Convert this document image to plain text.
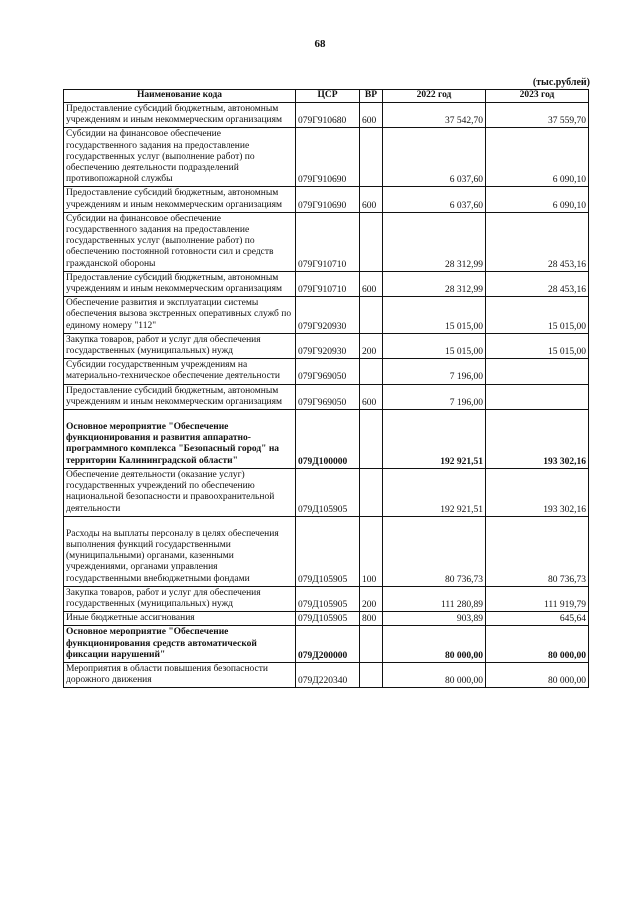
68
(тыс.рублей)
Наименование кода	ЦСР	ВР	2022 год	2023 год
Предоставление субсидий бюджетным, автономным учреждениям и иным некоммерческим организациям	079Г910680	600	37 542,70	37 559,70
Субсидии на финансовое обеспечение государственного задания на предоставление государственных услуг (выполнение работ) по обеспечению деятельности подразделений противопожарной службы	079Г910690		6 037,60	6 090,10
Предоставление субсидий бюджетным, автономным учреждениям и иным некоммерческим организациям	079Г910690	600	6 037,60	6 090,10
Субсидии на финансовое обеспечение государственного задания на предоставление государственных услуг (выполнение работ) по обеспечению постоянной готовности сил и средств гражданской обороны	079Г910710		28 312,99	28 453,16
Предоставление субсидий бюджетным, автономным учреждениям и иным некоммерческим организациям	079Г910710	600	28 312,99	28 453,16
Обеспечение развития и эксплуатации системы обеспечения вызова экстренных оперативных служб по единому номеру "112"	079Г920930		15 015,00	15 015,00
Закупка товаров, работ и услуг для обеспечения государственных (муниципальных) нужд	079Г920930	200	15 015,00	15 015,00
Субсидии государственным учреждениям на материально-техническое обеспечение деятельности	079Г969050		7 196,00	
Предоставление субсидий бюджетным, автономным учреждениям и иным некоммерческим организациям	079Г969050	600	7 196,00	
Основное мероприятие "Обеспечение функционирования и развития аппаратно-программного комплекса "Безопасный город" на территории Калининградской области"	079Д100000		192 921,51	193 302,16
Обеспечение деятельности (оказание услуг) государственных учреждений по обеспечению национальной безопасности и правоохранительной деятельности	079Д105905		192 921,51	193 302,16
Расходы на выплаты персоналу в целях обеспечения выполнения функций государственными (муниципальными) органами, казенными учреждениями, органами управления государственными внебюджетными фондами	079Д105905	100	80 736,73	80 736,73
Закупка товаров, работ и услуг для обеспечения государственных (муниципальных) нужд	079Д105905	200	111 280,89	111 919,79
Иные бюджетные ассигнования	079Д105905	800	903,89	645,64
Основное мероприятие "Обеспечение функционирования средств автоматической фиксации нарушений"	079Д200000		80 000,00	80 000,00
Мероприятия в области повышения безопасности дорожного движения	079Д220340		80 000,00	80 000,00
